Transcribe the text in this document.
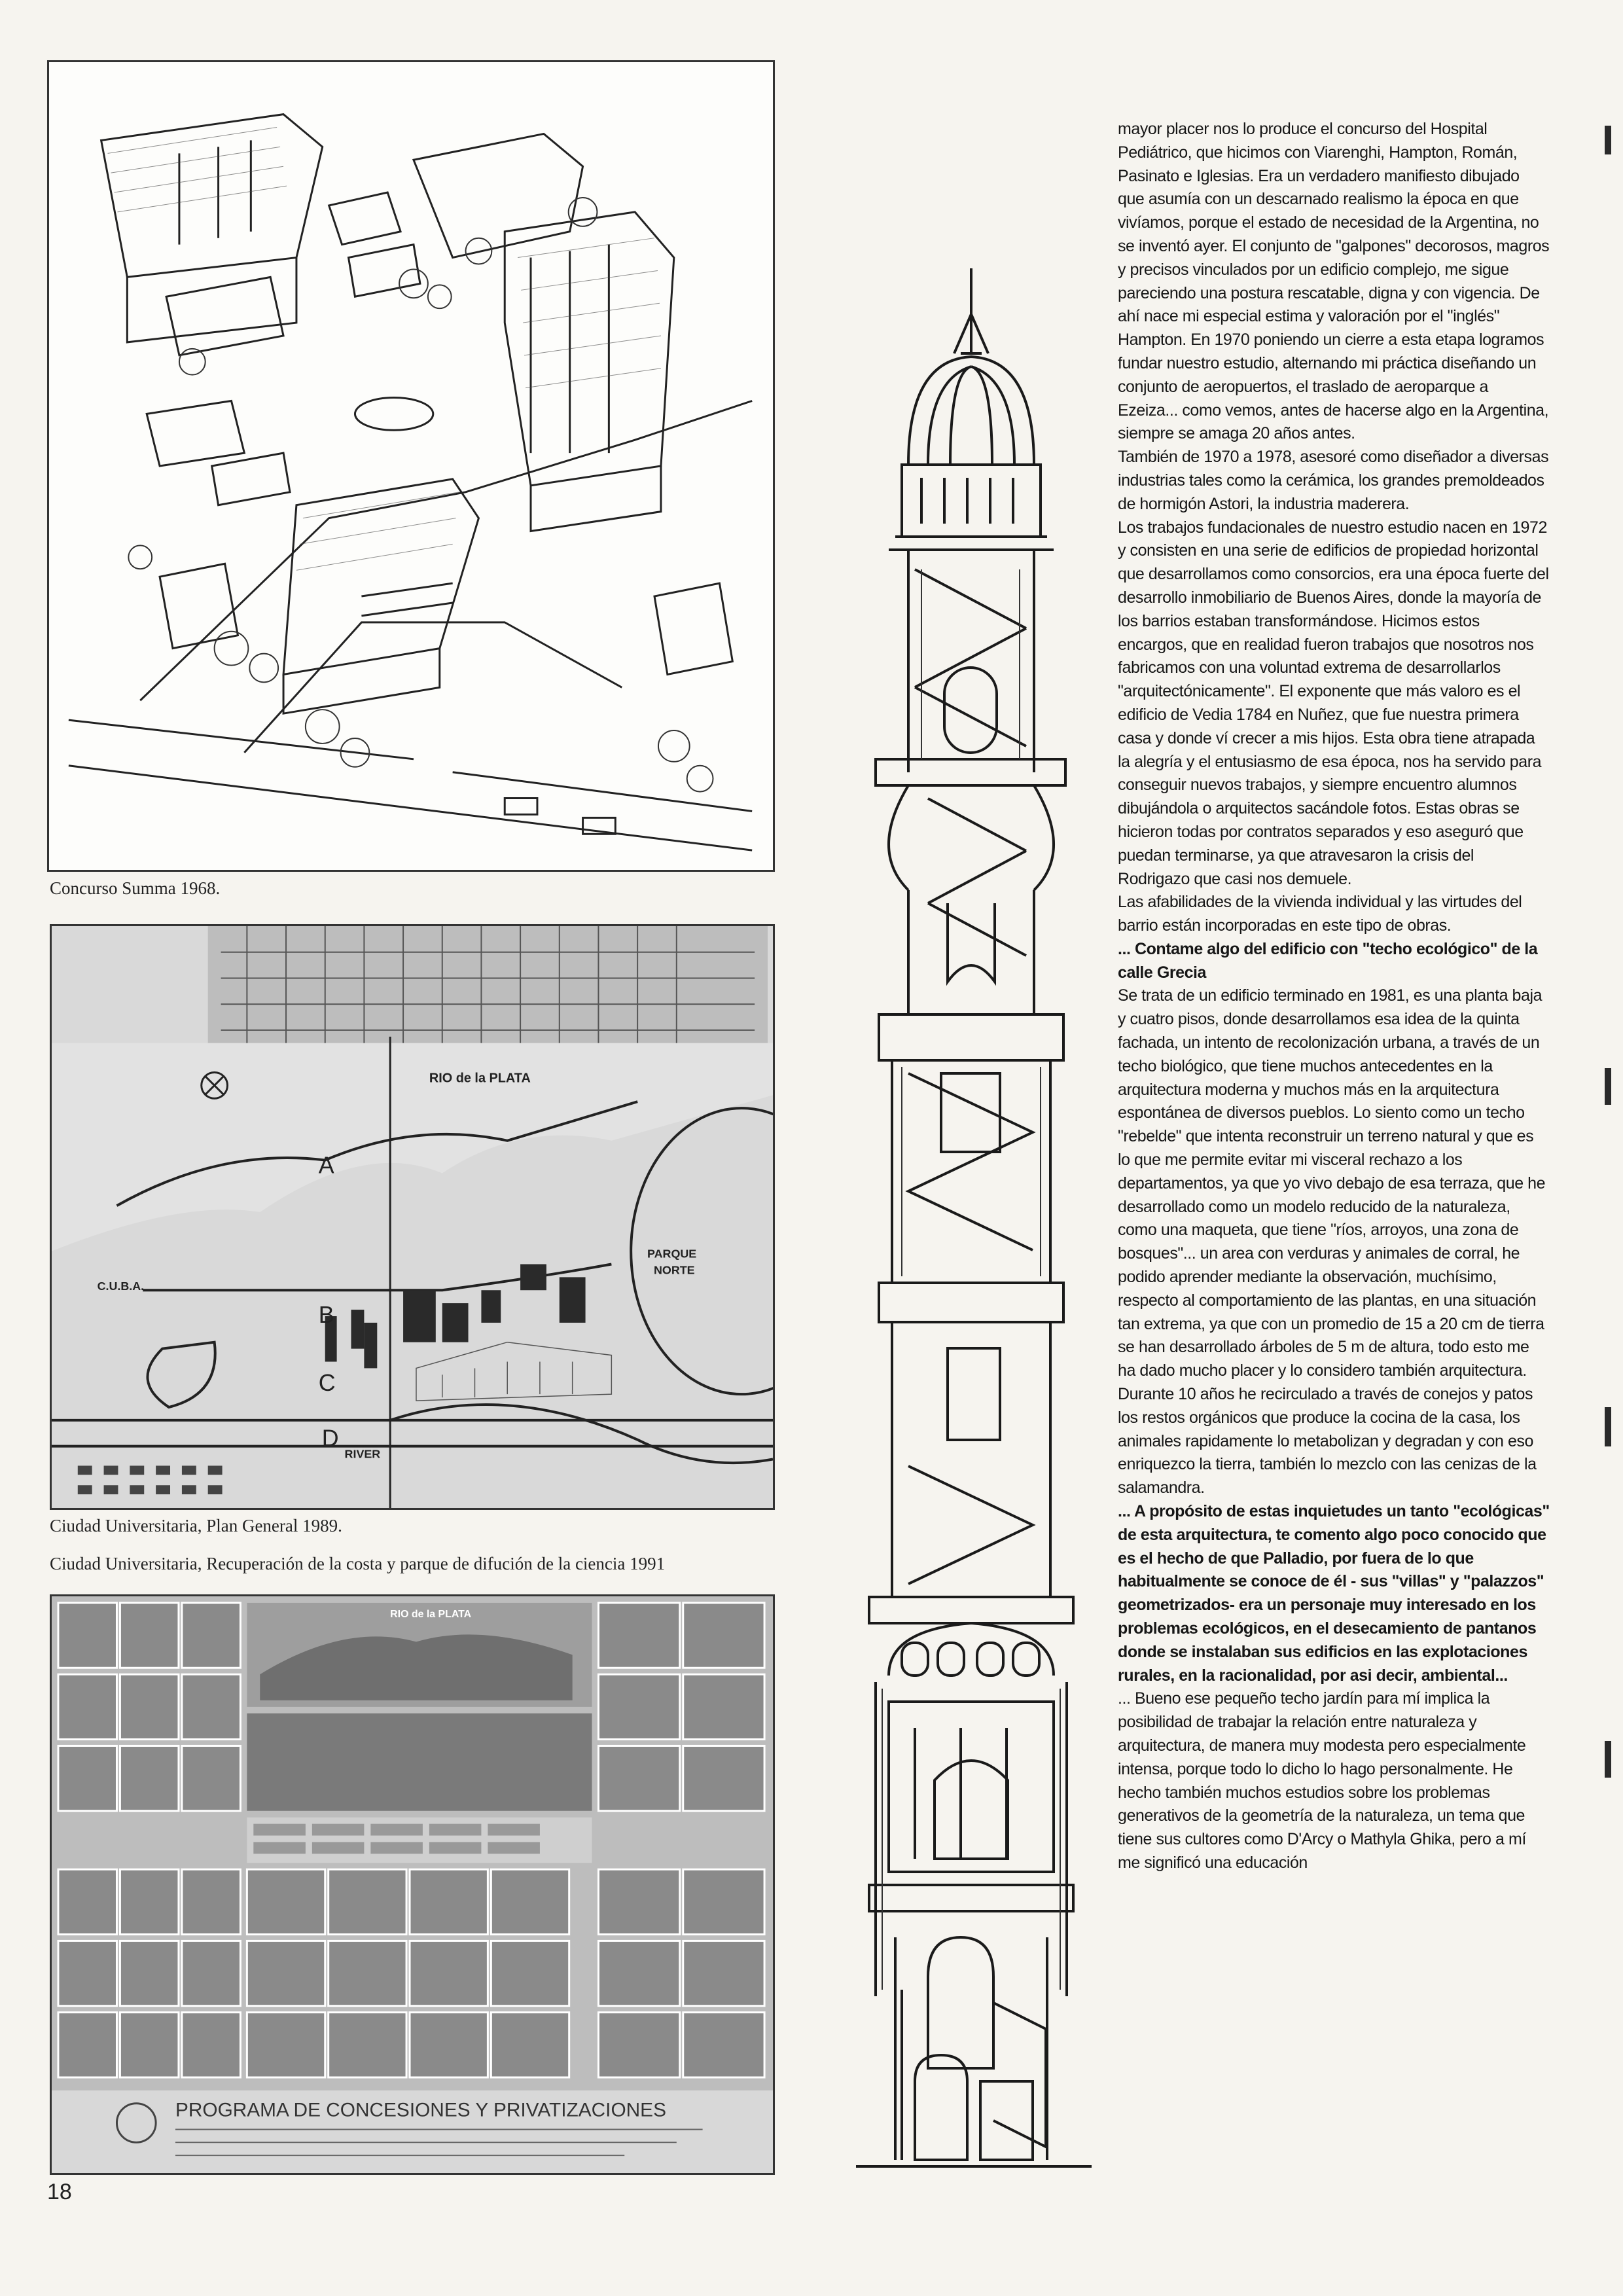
Concurso Summa 1968.
RIO de la PLATA
PARQUE
NORTE
C.U.B.A.
A
B
C
D
RIVER
Ciudad Universitaria, Plan General 1989.
Ciudad Universitaria, Recuperación de la costa y parque de difución de la ciencia 1991
RIO de la PLATA
PROGRAMA DE CONCESIONES Y PRIVATIZACIONES

mayor placer nos lo produce el concurso del Hospital Pediátrico, que hicimos con Viarenghi, Hampton, Román, Pasinato e Iglesias. Era un verdadero manifiesto dibujado que asumía con un descarnado realismo la época en que vivíamos, porque el estado de necesidad de la Argentina, no se inventó ayer. El conjunto de "galpones" decorosos, magros y precisos vinculados por un edificio complejo, me sigue pareciendo una postura rescatable, digna y con vigencia. De ahí nace mi especial estima y valoración por el "inglés" Hampton. En 1970 poniendo un cierre a esta etapa logramos fundar nuestro estudio, alternando mi práctica diseñando un conjunto de aeropuertos, el traslado de aeroparque a Ezeiza... como vemos, antes de hacerse algo en la Argentina, siempre se amaga 20 años antes.

También de 1970 a 1978, asesoré como diseñador a diversas industrias tales como la cerámica, los grandes premoldeados de hormigón Astori, la industria maderera.

Los trabajos fundacionales de nuestro estudio nacen en 1972 y consisten en una serie de edificios de propiedad horizontal que desarrollamos como consorcios, era una época fuerte del desarrollo inmobiliario de Buenos Aires, donde la mayoría de los barrios estaban transformándose. Hicimos estos encargos, que en realidad fueron trabajos que nosotros nos fabricamos con una voluntad extrema de desarrollarlos "arquitectónicamente". El exponente que más valoro es el edificio de Vedia 1784 en Nuñez, que fue nuestra primera casa y donde ví crecer a mis hijos. Esta obra tiene atrapada la alegría y el entusiasmo de esa época, nos ha servido para conseguir nuevos trabajos, y siempre encuentro alumnos dibujándola o arquitectos sacándole fotos. Estas obras se hicieron todas por contratos separados y eso aseguró que puedan terminarse, ya que atravesaron la crisis del Rodrigazo que casi nos demuele.

Las afabilidades de la vivienda individual y las virtudes del barrio están incorporadas en este tipo de obras.

... Contame algo del edificio con "techo ecológico" de la calle Grecia

Se trata de un edificio terminado en 1981, es una planta baja y cuatro pisos, donde desarrollamos esa idea de la quinta fachada, un intento de recolonización urbana, a través de un techo biológico, que tiene muchos antecedentes en la arquitectura moderna y muchos más en la arquitectura espontánea de diversos pueblos. Lo siento como un techo "rebelde" que intenta reconstruir un terreno natural y que es lo que me permite evitar mi visceral rechazo a los departamentos, ya que yo vivo debajo de esa terraza, que he desarrollado como un modelo reducido de la naturaleza, como una maqueta, que tiene "ríos, arroyos, una zona de bosques"... un area con verduras y animales de corral, he podido aprender mediante la observación, muchísimo, respecto al comportamiento de las plantas, en una situación tan extrema, ya que con un promedio de 15 a 20 cm de tierra se han desarrollado árboles de 5 m de altura, todo esto me ha dado mucho placer y lo considero también arquitectura.

Durante 10 años he recirculado a través de conejos y patos los restos orgánicos que produce la cocina de la casa, los animales rapidamente lo metabolizan y degradan y con eso enriquezco la tierra, también lo mezclo con las cenizas de la salamandra.

... A propósito de estas inquietudes un tanto "ecológicas" de esta arquitectura, te comento algo poco conocido que es el hecho de que Palladio, por fuera de lo que habitualmente se conoce de él - sus "villas" y "palazzos" geometrizados- era un personaje muy interesado en los problemas ecológicos, en el desecamiento de pantanos donde se instalaban sus edificios en las explotaciones rurales, en la racionalidad, por asi decir, ambiental...

... Bueno ese pequeño techo jardín para mí implica la posibilidad de trabajar la relación entre naturaleza y arquitectura, de manera muy modesta pero especialmente intensa, porque todo lo dicho lo hago personalmente. He hecho también muchos estudios sobre los problemas generativos de la geometría de la naturaleza, un tema que tiene sus cultores como D'Arcy o Mathyla Ghika, pero a mí me significó una educación

18
